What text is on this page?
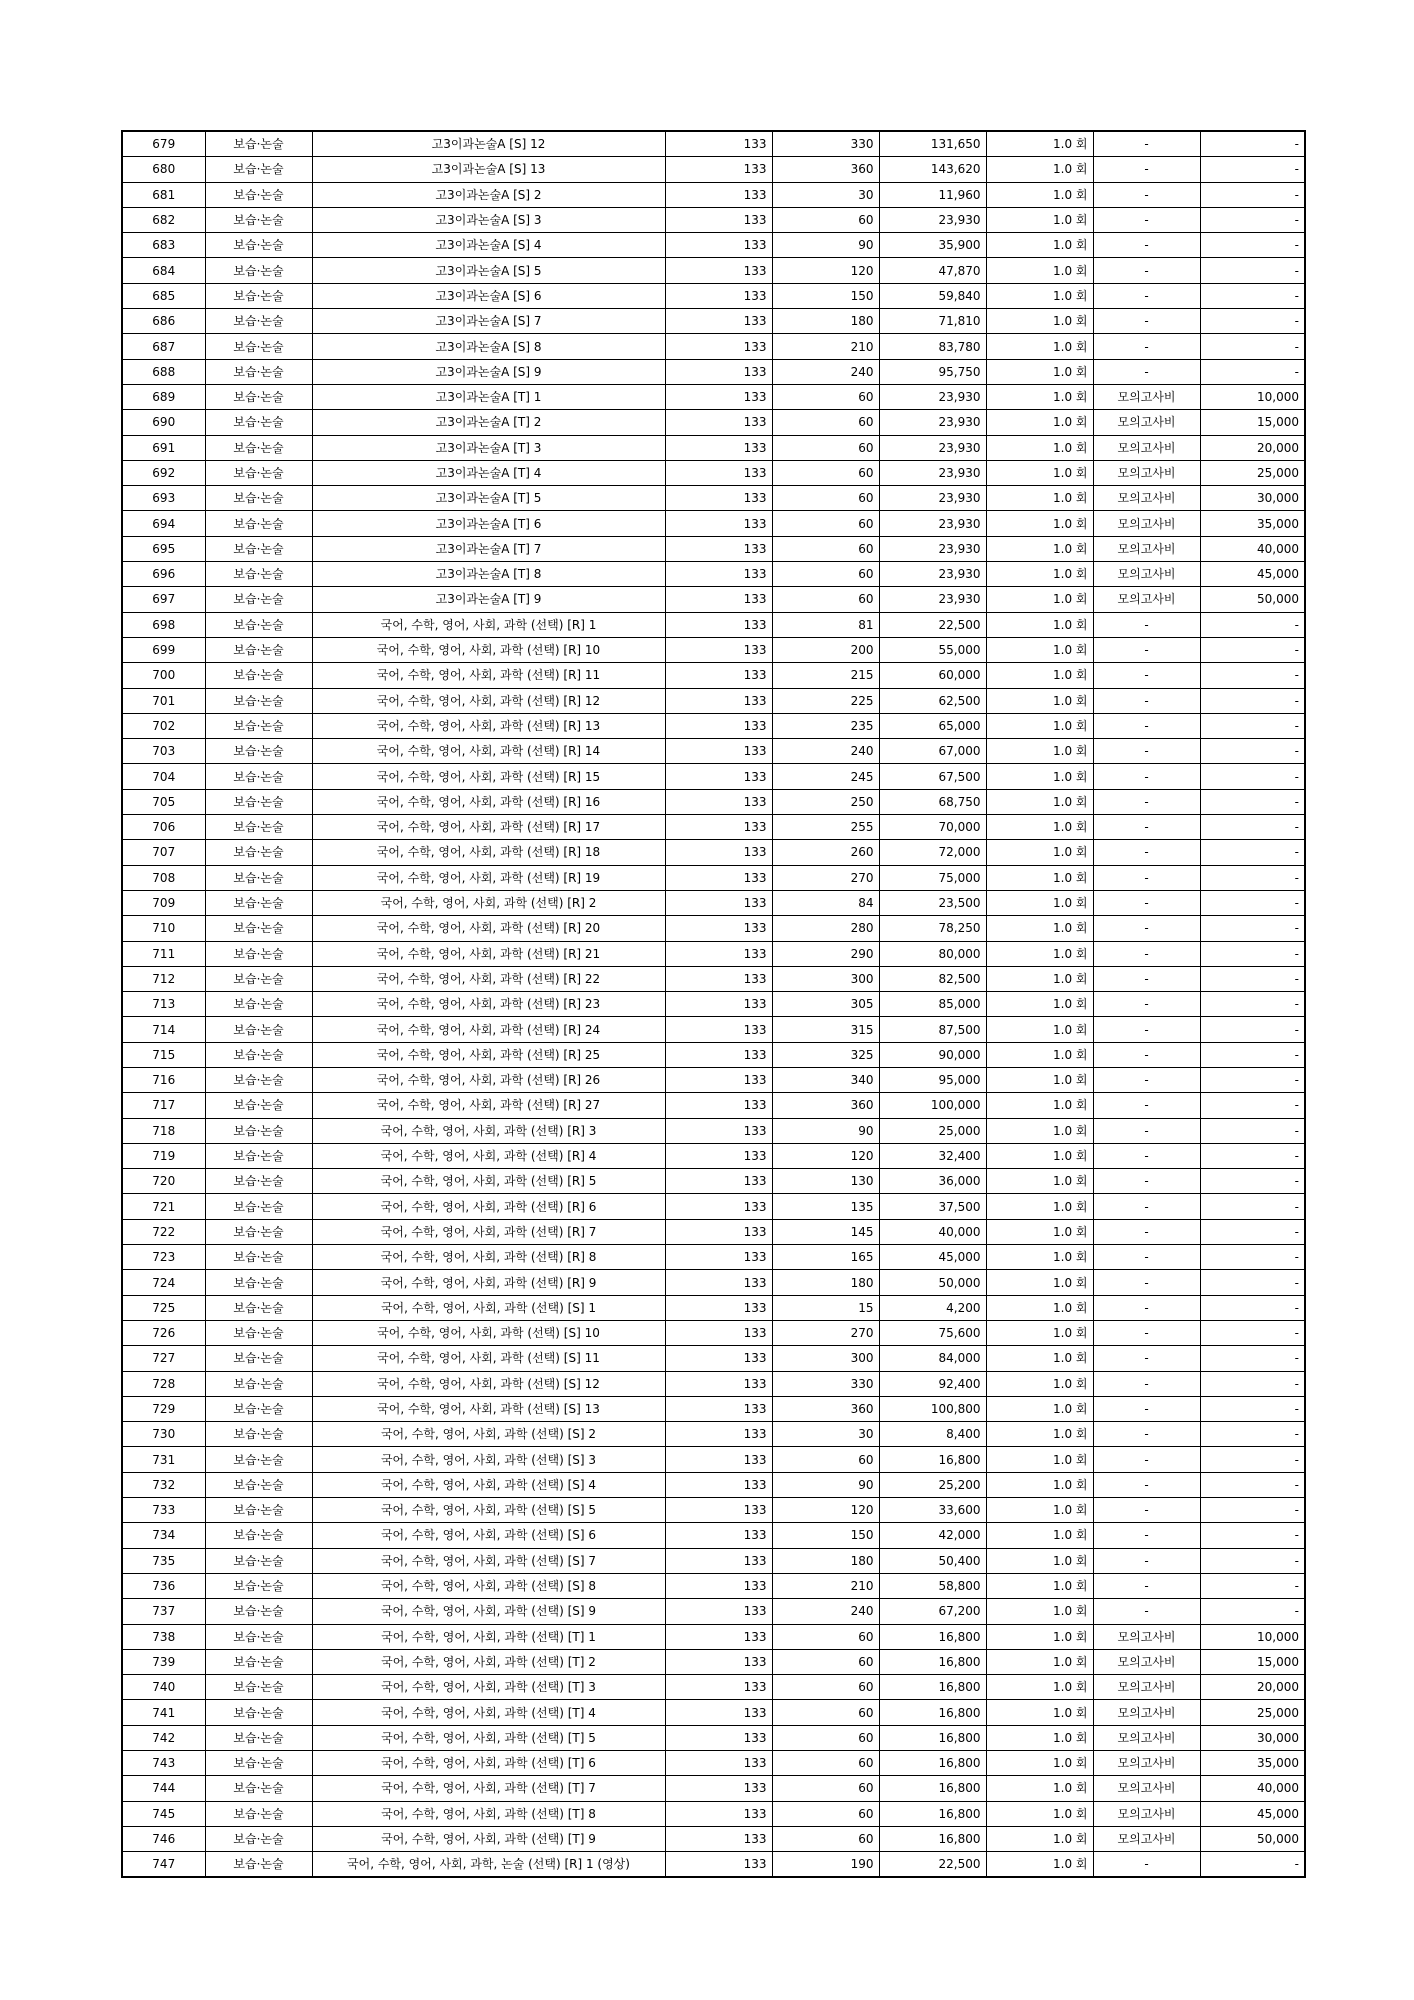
679	보습·논술	고3이과논술A [S] 12	133	330	131,650	1.0 회	-	-
680	보습·논술	고3이과논술A [S] 13	133	360	143,620	1.0 회	-	-
681	보습·논술	고3이과논술A [S] 2	133	30	11,960	1.0 회	-	-
682	보습·논술	고3이과논술A [S] 3	133	60	23,930	1.0 회	-	-
683	보습·논술	고3이과논술A [S] 4	133	90	35,900	1.0 회	-	-
684	보습·논술	고3이과논술A [S] 5	133	120	47,870	1.0 회	-	-
685	보습·논술	고3이과논술A [S] 6	133	150	59,840	1.0 회	-	-
686	보습·논술	고3이과논술A [S] 7	133	180	71,810	1.0 회	-	-
687	보습·논술	고3이과논술A [S] 8	133	210	83,780	1.0 회	-	-
688	보습·논술	고3이과논술A [S] 9	133	240	95,750	1.0 회	-	-
689	보습·논술	고3이과논술A [T] 1	133	60	23,930	1.0 회	모의고사비	10,000
690	보습·논술	고3이과논술A [T] 2	133	60	23,930	1.0 회	모의고사비	15,000
691	보습·논술	고3이과논술A [T] 3	133	60	23,930	1.0 회	모의고사비	20,000
692	보습·논술	고3이과논술A [T] 4	133	60	23,930	1.0 회	모의고사비	25,000
693	보습·논술	고3이과논술A [T] 5	133	60	23,930	1.0 회	모의고사비	30,000
694	보습·논술	고3이과논술A [T] 6	133	60	23,930	1.0 회	모의고사비	35,000
695	보습·논술	고3이과논술A [T] 7	133	60	23,930	1.0 회	모의고사비	40,000
696	보습·논술	고3이과논술A [T] 8	133	60	23,930	1.0 회	모의고사비	45,000
697	보습·논술	고3이과논술A [T] 9	133	60	23,930	1.0 회	모의고사비	50,000
698	보습·논술	국어, 수학, 영어, 사회, 과학 (선택) [R] 1	133	81	22,500	1.0 회	-	-
699	보습·논술	국어, 수학, 영어, 사회, 과학 (선택) [R] 10	133	200	55,000	1.0 회	-	-
700	보습·논술	국어, 수학, 영어, 사회, 과학 (선택) [R] 11	133	215	60,000	1.0 회	-	-
701	보습·논술	국어, 수학, 영어, 사회, 과학 (선택) [R] 12	133	225	62,500	1.0 회	-	-
702	보습·논술	국어, 수학, 영어, 사회, 과학 (선택) [R] 13	133	235	65,000	1.0 회	-	-
703	보습·논술	국어, 수학, 영어, 사회, 과학 (선택) [R] 14	133	240	67,000	1.0 회	-	-
704	보습·논술	국어, 수학, 영어, 사회, 과학 (선택) [R] 15	133	245	67,500	1.0 회	-	-
705	보습·논술	국어, 수학, 영어, 사회, 과학 (선택) [R] 16	133	250	68,750	1.0 회	-	-
706	보습·논술	국어, 수학, 영어, 사회, 과학 (선택) [R] 17	133	255	70,000	1.0 회	-	-
707	보습·논술	국어, 수학, 영어, 사회, 과학 (선택) [R] 18	133	260	72,000	1.0 회	-	-
708	보습·논술	국어, 수학, 영어, 사회, 과학 (선택) [R] 19	133	270	75,000	1.0 회	-	-
709	보습·논술	국어, 수학, 영어, 사회, 과학 (선택) [R] 2	133	84	23,500	1.0 회	-	-
710	보습·논술	국어, 수학, 영어, 사회, 과학 (선택) [R] 20	133	280	78,250	1.0 회	-	-
711	보습·논술	국어, 수학, 영어, 사회, 과학 (선택) [R] 21	133	290	80,000	1.0 회	-	-
712	보습·논술	국어, 수학, 영어, 사회, 과학 (선택) [R] 22	133	300	82,500	1.0 회	-	-
713	보습·논술	국어, 수학, 영어, 사회, 과학 (선택) [R] 23	133	305	85,000	1.0 회	-	-
714	보습·논술	국어, 수학, 영어, 사회, 과학 (선택) [R] 24	133	315	87,500	1.0 회	-	-
715	보습·논술	국어, 수학, 영어, 사회, 과학 (선택) [R] 25	133	325	90,000	1.0 회	-	-
716	보습·논술	국어, 수학, 영어, 사회, 과학 (선택) [R] 26	133	340	95,000	1.0 회	-	-
717	보습·논술	국어, 수학, 영어, 사회, 과학 (선택) [R] 27	133	360	100,000	1.0 회	-	-
718	보습·논술	국어, 수학, 영어, 사회, 과학 (선택) [R] 3	133	90	25,000	1.0 회	-	-
719	보습·논술	국어, 수학, 영어, 사회, 과학 (선택) [R] 4	133	120	32,400	1.0 회	-	-
720	보습·논술	국어, 수학, 영어, 사회, 과학 (선택) [R] 5	133	130	36,000	1.0 회	-	-
721	보습·논술	국어, 수학, 영어, 사회, 과학 (선택) [R] 6	133	135	37,500	1.0 회	-	-
722	보습·논술	국어, 수학, 영어, 사회, 과학 (선택) [R] 7	133	145	40,000	1.0 회	-	-
723	보습·논술	국어, 수학, 영어, 사회, 과학 (선택) [R] 8	133	165	45,000	1.0 회	-	-
724	보습·논술	국어, 수학, 영어, 사회, 과학 (선택) [R] 9	133	180	50,000	1.0 회	-	-
725	보습·논술	국어, 수학, 영어, 사회, 과학 (선택) [S] 1	133	15	4,200	1.0 회	-	-
726	보습·논술	국어, 수학, 영어, 사회, 과학 (선택) [S] 10	133	270	75,600	1.0 회	-	-
727	보습·논술	국어, 수학, 영어, 사회, 과학 (선택) [S] 11	133	300	84,000	1.0 회	-	-
728	보습·논술	국어, 수학, 영어, 사회, 과학 (선택) [S] 12	133	330	92,400	1.0 회	-	-
729	보습·논술	국어, 수학, 영어, 사회, 과학 (선택) [S] 13	133	360	100,800	1.0 회	-	-
730	보습·논술	국어, 수학, 영어, 사회, 과학 (선택) [S] 2	133	30	8,400	1.0 회	-	-
731	보습·논술	국어, 수학, 영어, 사회, 과학 (선택) [S] 3	133	60	16,800	1.0 회	-	-
732	보습·논술	국어, 수학, 영어, 사회, 과학 (선택) [S] 4	133	90	25,200	1.0 회	-	-
733	보습·논술	국어, 수학, 영어, 사회, 과학 (선택) [S] 5	133	120	33,600	1.0 회	-	-
734	보습·논술	국어, 수학, 영어, 사회, 과학 (선택) [S] 6	133	150	42,000	1.0 회	-	-
735	보습·논술	국어, 수학, 영어, 사회, 과학 (선택) [S] 7	133	180	50,400	1.0 회	-	-
736	보습·논술	국어, 수학, 영어, 사회, 과학 (선택) [S] 8	133	210	58,800	1.0 회	-	-
737	보습·논술	국어, 수학, 영어, 사회, 과학 (선택) [S] 9	133	240	67,200	1.0 회	-	-
738	보습·논술	국어, 수학, 영어, 사회, 과학 (선택) [T] 1	133	60	16,800	1.0 회	모의고사비	10,000
739	보습·논술	국어, 수학, 영어, 사회, 과학 (선택) [T] 2	133	60	16,800	1.0 회	모의고사비	15,000
740	보습·논술	국어, 수학, 영어, 사회, 과학 (선택) [T] 3	133	60	16,800	1.0 회	모의고사비	20,000
741	보습·논술	국어, 수학, 영어, 사회, 과학 (선택) [T] 4	133	60	16,800	1.0 회	모의고사비	25,000
742	보습·논술	국어, 수학, 영어, 사회, 과학 (선택) [T] 5	133	60	16,800	1.0 회	모의고사비	30,000
743	보습·논술	국어, 수학, 영어, 사회, 과학 (선택) [T] 6	133	60	16,800	1.0 회	모의고사비	35,000
744	보습·논술	국어, 수학, 영어, 사회, 과학 (선택) [T] 7	133	60	16,800	1.0 회	모의고사비	40,000
745	보습·논술	국어, 수학, 영어, 사회, 과학 (선택) [T] 8	133	60	16,800	1.0 회	모의고사비	45,000
746	보습·논술	국어, 수학, 영어, 사회, 과학 (선택) [T] 9	133	60	16,800	1.0 회	모의고사비	50,000
747	보습·논술	국어, 수학, 영어, 사회, 과학, 논술 (선택) [R] 1 (영상)	133	190	22,500	1.0 회	-	-
